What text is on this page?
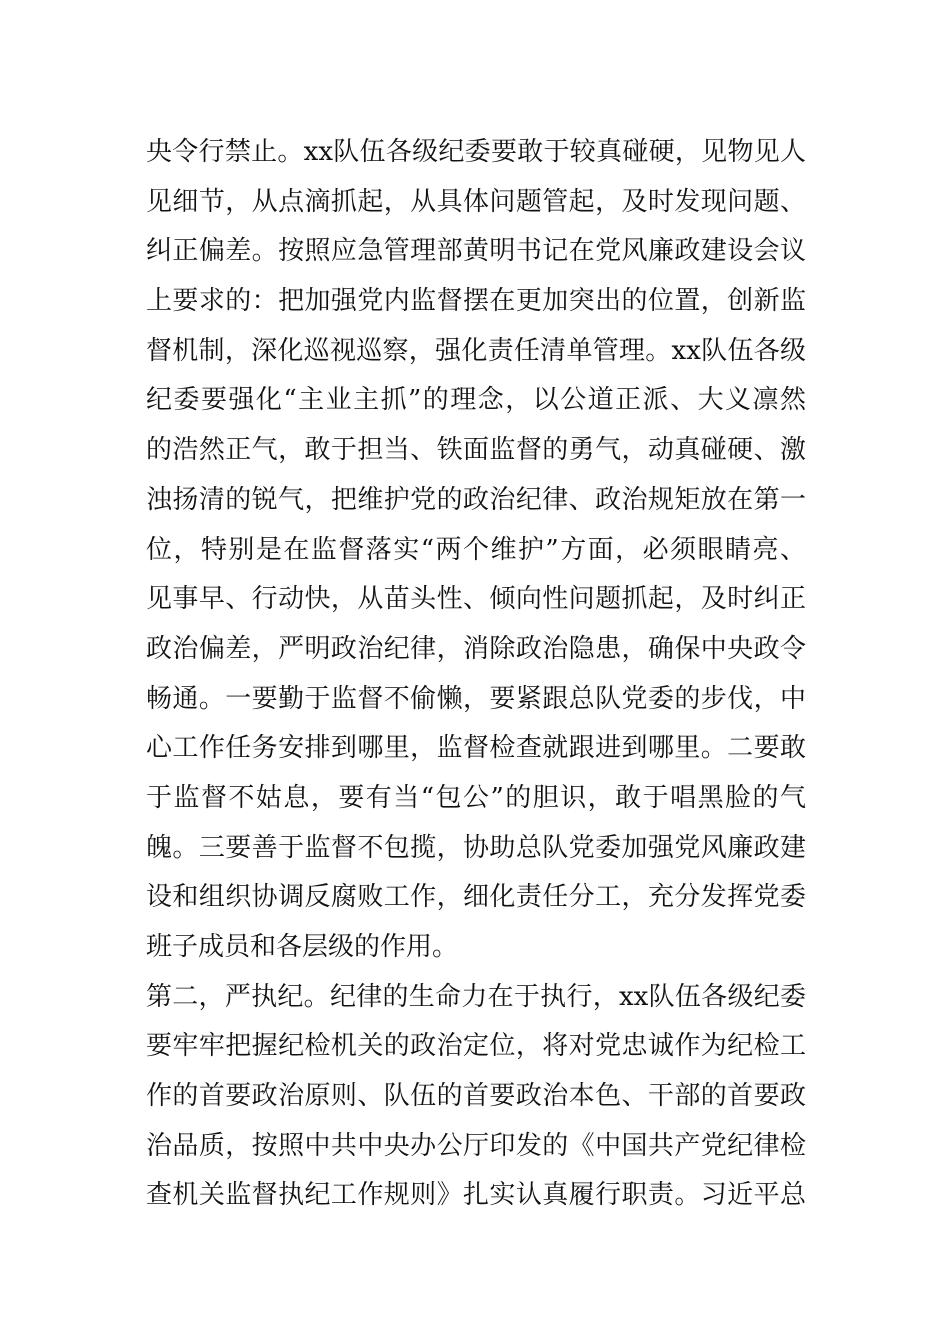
央令行禁止。xx队伍各级纪委要敢于较真碰硬，见物见人
见细节，从点滴抓起，从具体问题管起，及时发现问题、
纠正偏差。按照应急管理部黄明书记在党风廉政建设会议
上要求的：把加强党内监督摆在更加突出的位置，创新监
督机制，深化巡视巡察，强化责任清单管理。xx队伍各级
纪委要强化“主业主抓”的理念，以公道正派、大义凛然
的浩然正气，敢于担当、铁面监督的勇气，动真碰硬、激
浊扬清的锐气，把维护党的政治纪律、政治规矩放在第一
位，特别是在监督落实“两个维护”方面，必须眼睛亮、
见事早、行动快，从苗头性、倾向性问题抓起，及时纠正
政治偏差，严明政治纪律，消除政治隐患，确保中央政令
畅通。一要勤于监督不偷懒，要紧跟总队党委的步伐，中
心工作任务安排到哪里，监督检查就跟进到哪里。二要敢
于监督不姑息，要有当“包公”的胆识，敢于唱黑脸的气
魄。三要善于监督不包揽，协助总队党委加强党风廉政建
设和组织协调反腐败工作，细化责任分工，充分发挥党委
班子成员和各层级的作用。
第二，严执纪。纪律的生命力在于执行，xx队伍各级纪委
要牢牢把握纪检机关的政治定位，将对党忠诚作为纪检工
作的首要政治原则、队伍的首要政治本色、干部的首要政
治品质，按照中共中央办公厅印发的《中国共产党纪律检
查机关监督执纪工作规则》扎实认真履行职责。习近平总
